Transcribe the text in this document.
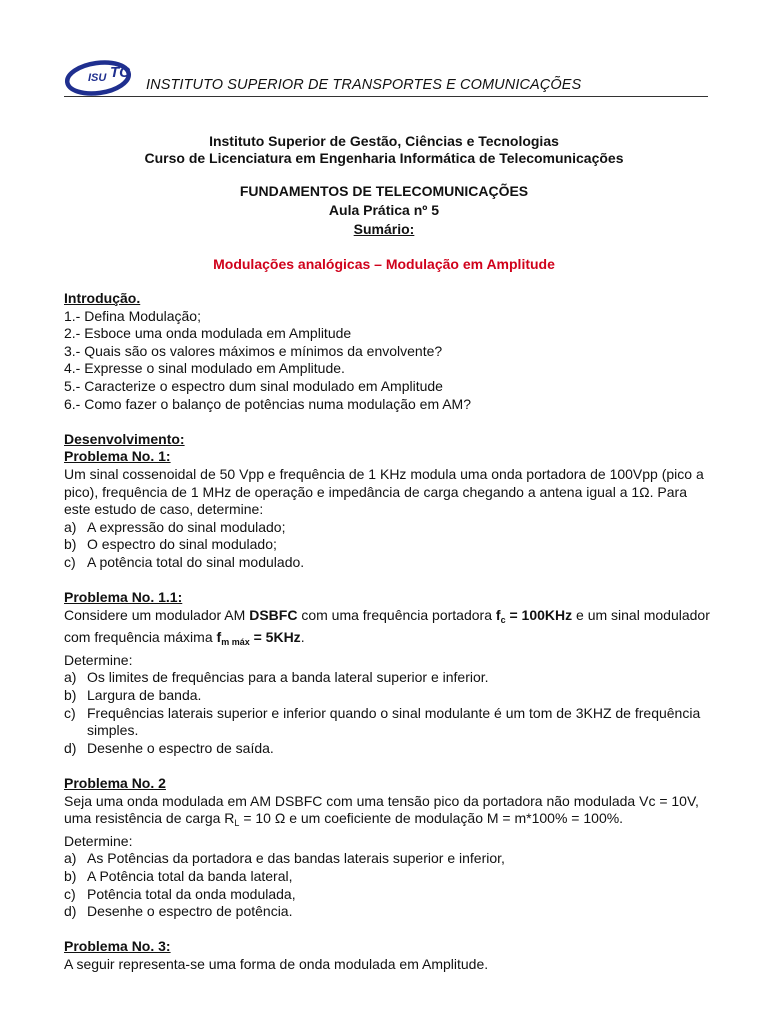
ISU TC
INSTITUTO SUPERIOR DE TRANSPORTES E COMUNICAÇÕES
Instituto Superior de Gestão, Ciências e Tecnologias
Curso de Licenciatura em Engenharia Informática de Telecomunicações
FUNDAMENTOS DE TELECOMUNICAÇÕES
Aula Prática nº 5
Sumário:
Modulações analógicas – Modulação em Amplitude

Introdução.

1.- Defina Modulação;

2.- Esboce uma onda modulada em Amplitude

3.- Quais são os valores máximos e mínimos da envolvente?

4.- Expresse o sinal modulado em Amplitude.

5.- Caracterize o espectro dum sinal modulado em Amplitude

6.- Como fazer o balanço de potências numa modulação em AM?

Desenvolvimento:

Problema No. 1:

Um sinal cossenoidal de 50 Vpp e frequência de 1 KHz modula uma onda portadora de 100Vpp (pico a pico), frequência de 1 MHz de operação e impedância de carga chegando a antena igual a 1Ω. Para este estudo de caso, determine:

a) A expressão do sinal modulado;
b) O espectro do sinal modulado;
c) A potência total do sinal modulado.

Problema No. 1.1:

Considere um modulador AM DSBFC com uma frequência portadora $f_c = 100KHz$ e um sinal modulador com frequência máxima $f_{m máx} = 5KHz$.

Determine:

a) Os limites de frequências para a banda lateral superior e inferior.
b) Largura de banda.
c) Frequências laterais superior e inferior quando o sinal modulante é um tom de 3KHZ de frequência simples.
d) Desenhe o espectro de saída.

Problema No. 2

Seja uma onda modulada em AM DSBFC com uma tensão pico da portadora não modulada Vc = 10V, uma resistência de carga $R_L = 10$ Ω e um coeficiente de modulação M = m*100% = 100%.

Determine:

a) As Potências da portadora e das bandas laterais superior e inferior,
b) A Potência total da banda lateral,
c) Potência total da onda modulada,
d) Desenhe o espectro de potência.

Problema No. 3:

A seguir representa-se uma forma de onda modulada em Amplitude.
